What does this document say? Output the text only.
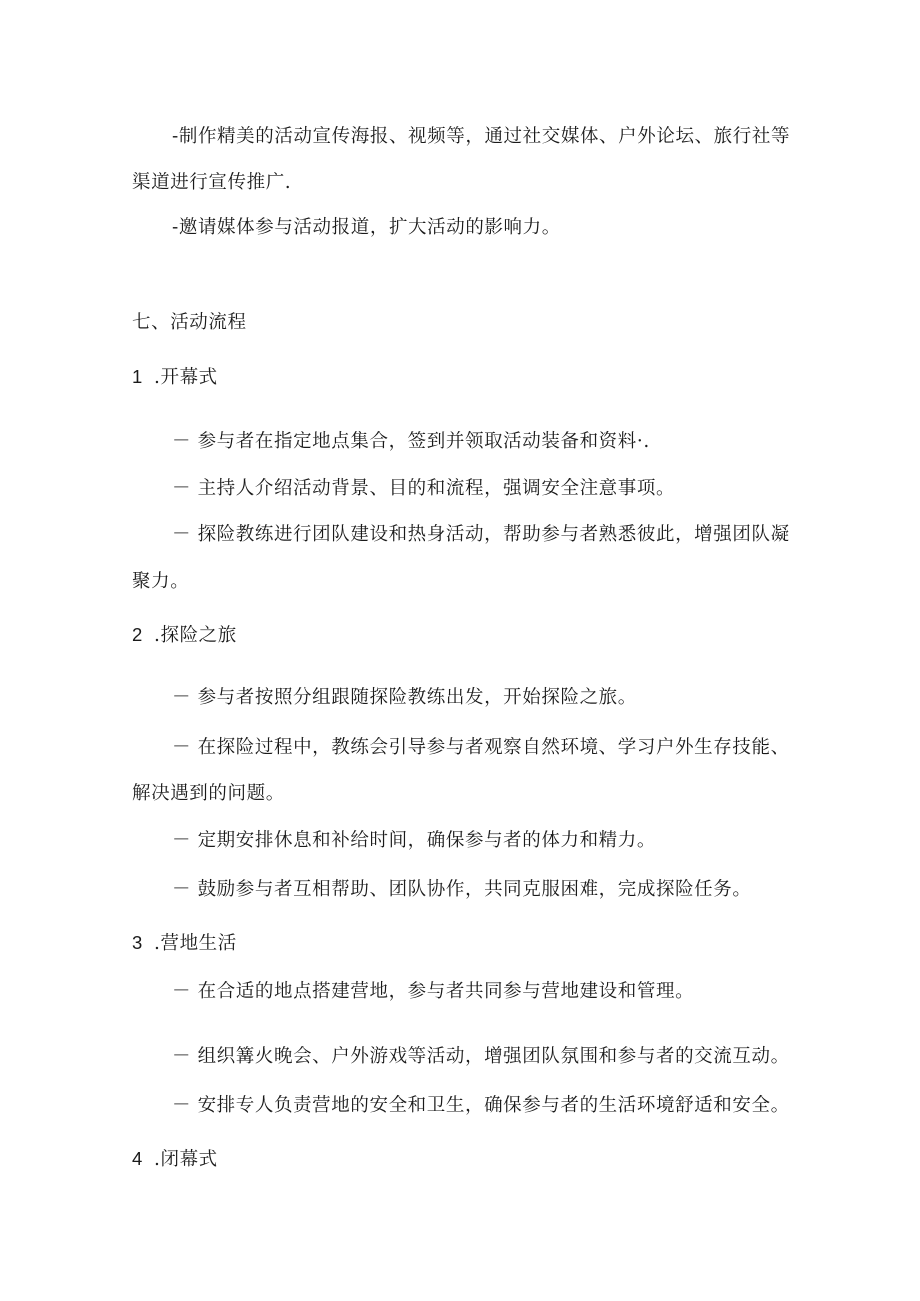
-制作精美的活动宣传海报、视频等，通过社交媒体、户外论坛、旅行社等

渠道进行宣传推广.

-邀请媒体参与活动报道，扩大活动的影响力。

七、活动流程

1 .开幕式

－ 参与者在指定地点集合，签到并领取活动装备和资料·.

－ 主持人介绍活动背景、目的和流程，强调安全注意事项。

－ 探险教练进行团队建设和热身活动，帮助参与者熟悉彼此，增强团队凝

聚力。

2 .探险之旅

－ 参与者按照分组跟随探险教练出发，开始探险之旅。

－ 在探险过程中，教练会引导参与者观察自然环境、学习户外生存技能、

解决遇到的问题。

－ 定期安排休息和补给时间，确保参与者的体力和精力。

－ 鼓励参与者互相帮助、团队协作，共同克服困难，完成探险任务。

3 .营地生活

－ 在合适的地点搭建营地，参与者共同参与营地建设和管理。

－ 组织篝火晚会、户外游戏等活动，增强团队氛围和参与者的交流互动。

－ 安排专人负责营地的安全和卫生，确保参与者的生活环境舒适和安全。

4 .闭幕式
